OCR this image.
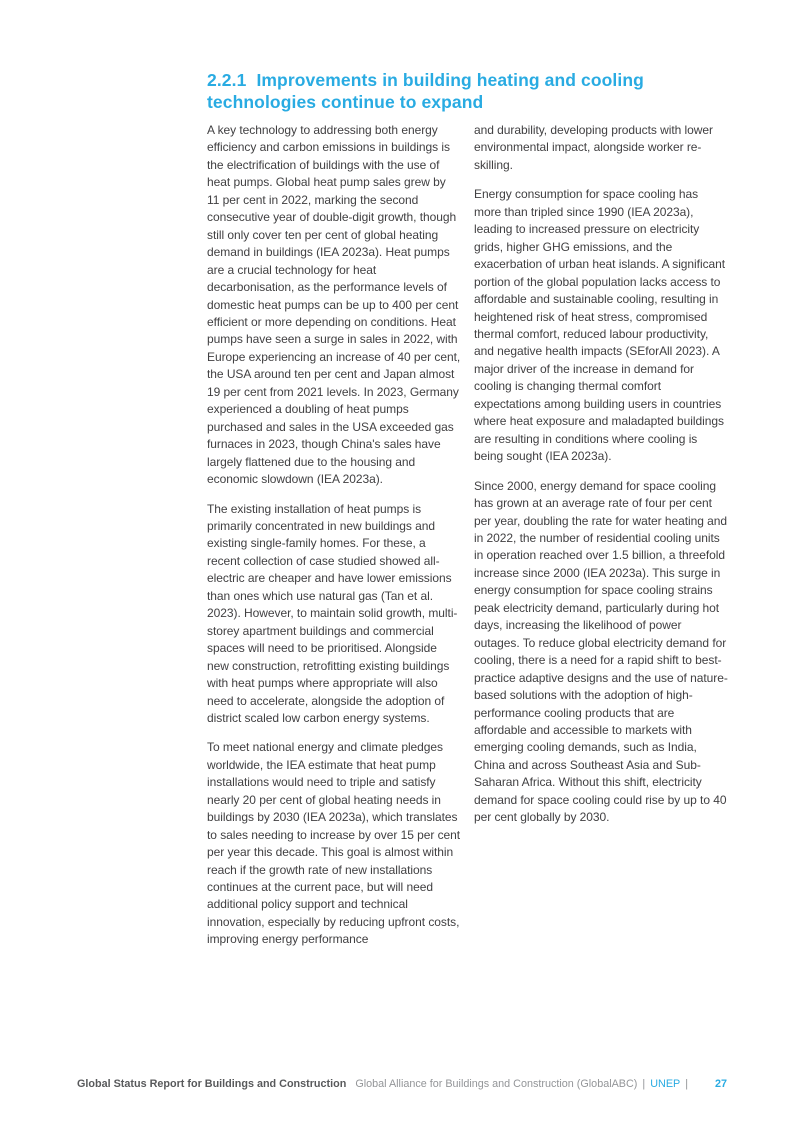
2.2.1 Improvements in building heating and cooling technologies continue to expand

A key technology to addressing both energy efficiency and carbon emissions in buildings is the electrification of buildings with the use of heat pumps. Global heat pump sales grew by 11 per cent in 2022, marking the second consecutive year of double-digit growth, though still only cover ten per cent of global heating demand in buildings (IEA 2023a). Heat pumps are a crucial technology for heat decarbonisation, as the performance levels of domestic heat pumps can be up to 400 per cent efficient or more depending on conditions. Heat pumps have seen a surge in sales in 2022, with Europe experiencing an increase of 40 per cent, the USA around ten per cent and Japan almost 19 per cent from 2021 levels. In 2023, Germany experienced a doubling of heat pumps purchased and sales in the USA exceeded gas furnaces in 2023, though China's sales have largely flattened due to the housing and economic slowdown (IEA 2023a).

The existing installation of heat pumps is primarily concentrated in new buildings and existing single-family homes. For these, a recent collection of case studied showed all-electric are cheaper and have lower emissions than ones which use natural gas (Tan et al. 2023). However, to maintain solid growth, multi-storey apartment buildings and commercial spaces will need to be prioritised. Alongside new construction, retrofitting existing buildings with heat pumps where appropriate will also need to accelerate, alongside the adoption of district scaled low carbon energy systems.

To meet national energy and climate pledges worldwide, the IEA estimate that heat pump installations would need to triple and satisfy nearly 20 per cent of global heating needs in buildings by 2030 (IEA 2023a), which translates to sales needing to increase by over 15 per cent per year this decade. This goal is almost within reach if the growth rate of new installations continues at the current pace, but will need additional policy support and technical innovation, especially by reducing upfront costs, improving energy performance

and durability, developing products with lower environmental impact, alongside worker re-skilling.

Energy consumption for space cooling has more than tripled since 1990 (IEA 2023a), leading to increased pressure on electricity grids, higher GHG emissions, and the exacerbation of urban heat islands. A significant portion of the global population lacks access to affordable and sustainable cooling, resulting in heightened risk of heat stress, compromised thermal comfort, reduced labour productivity, and negative health impacts (SEforAll 2023). A major driver of the increase in demand for cooling is changing thermal comfort expectations among building users in countries where heat exposure and maladapted buildings are resulting in conditions where cooling is being sought (IEA 2023a).

Since 2000, energy demand for space cooling has grown at an average rate of four per cent per year, doubling the rate for water heating and in 2022, the number of residential cooling units in operation reached over 1.5 billion, a threefold increase since 2000 (IEA 2023a). This surge in energy consumption for space cooling strains peak electricity demand, particularly during hot days, increasing the likelihood of power outages. To reduce global electricity demand for cooling, there is a need for a rapid shift to best-practice adaptive designs and the use of nature-based solutions with the adoption of high-performance cooling products that are affordable and accessible to markets with emerging cooling demands, such as India, China and across Southeast Asia and Sub-Saharan Africa. Without this shift, electricity demand for space cooling could rise by up to 40 per cent globally by 2030.

Global Status Report for Buildings and Construction Global Alliance for Buildings and Construction (GlobalABC) | UNEP | 27
